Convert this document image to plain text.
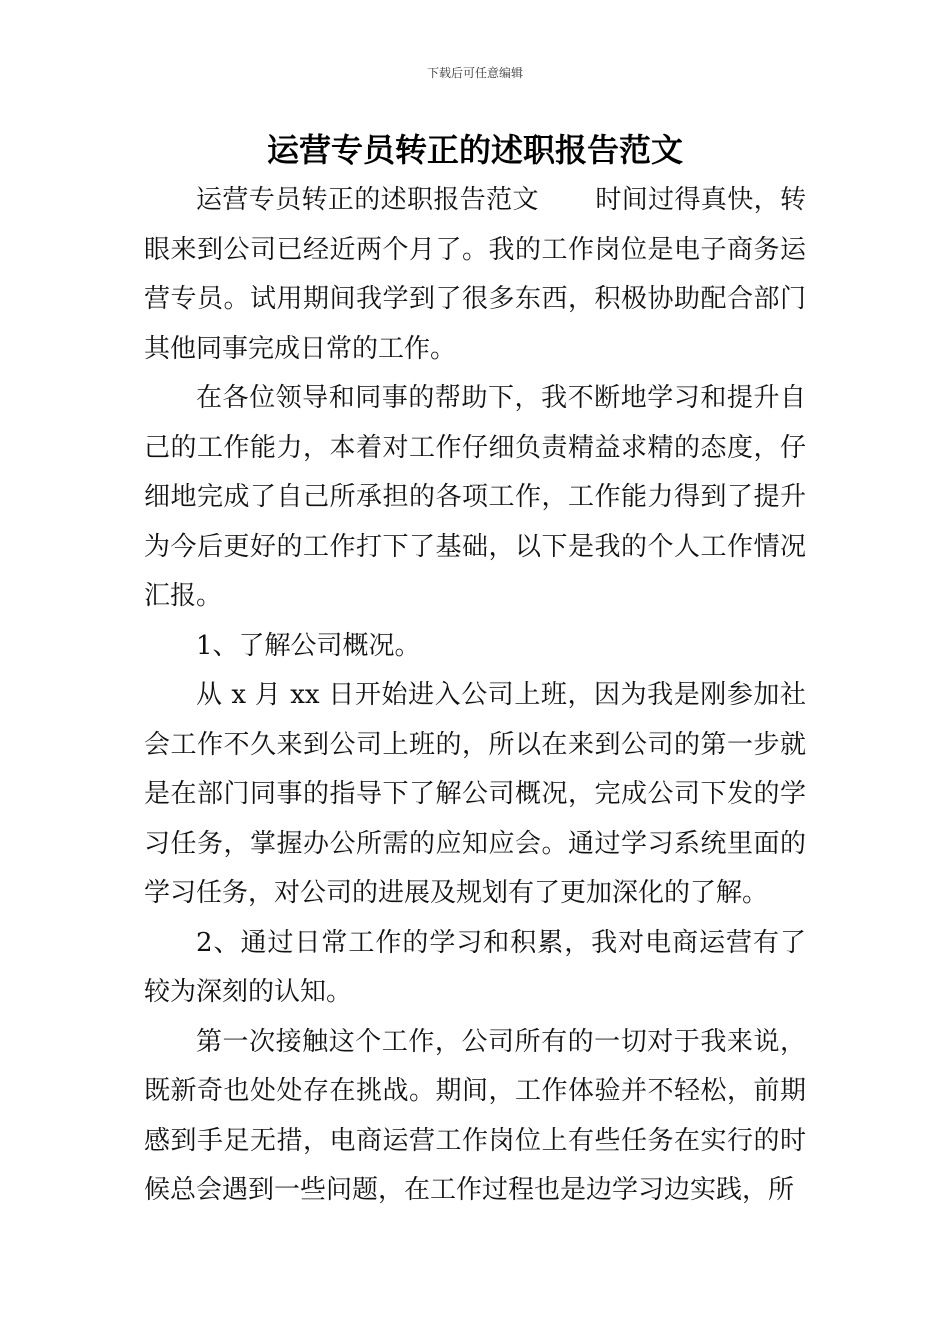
下载后可任意编辑
运营专员转正的述职报告范文

运营专员转正的述职报告范文 时间过得真快，转眼来到公司已经近两个月了。我的工作岗位是电子商务运营专员。试用期间我学到了很多东西，积极协助配合部门其他同事完成日常的工作。

在各位领导和同事的帮助下，我不断地学习和提升自己的工作能力，本着对工作仔细负责精益求精的态度，仔细地完成了自己所承担的各项工作，工作能力得到了提升为今后更好的工作打下了基础，以下是我的个人工作情况汇报。

1、了解公司概况。

从 x 月 xx 日开始进入公司上班，因为我是刚参加社会工作不久来到公司上班的，所以在来到公司的第一步就是在部门同事的指导下了解公司概况，完成公司下发的学习任务，掌握办公所需的应知应会。通过学习系统里面的学习任务，对公司的进展及规划有了更加深化的了解。

2、通过日常工作的学习和积累，我对电商运营有了较为深刻的认知。

第一次接触这个工作，公司所有的一切对于我来说，既新奇也处处存在挑战。期间，工作体验并不轻松，前期感到手足无措，电商运营工作岗位上有些任务在实行的时候总会遇到一些问题，在工作过程也是边学习边实践，所
